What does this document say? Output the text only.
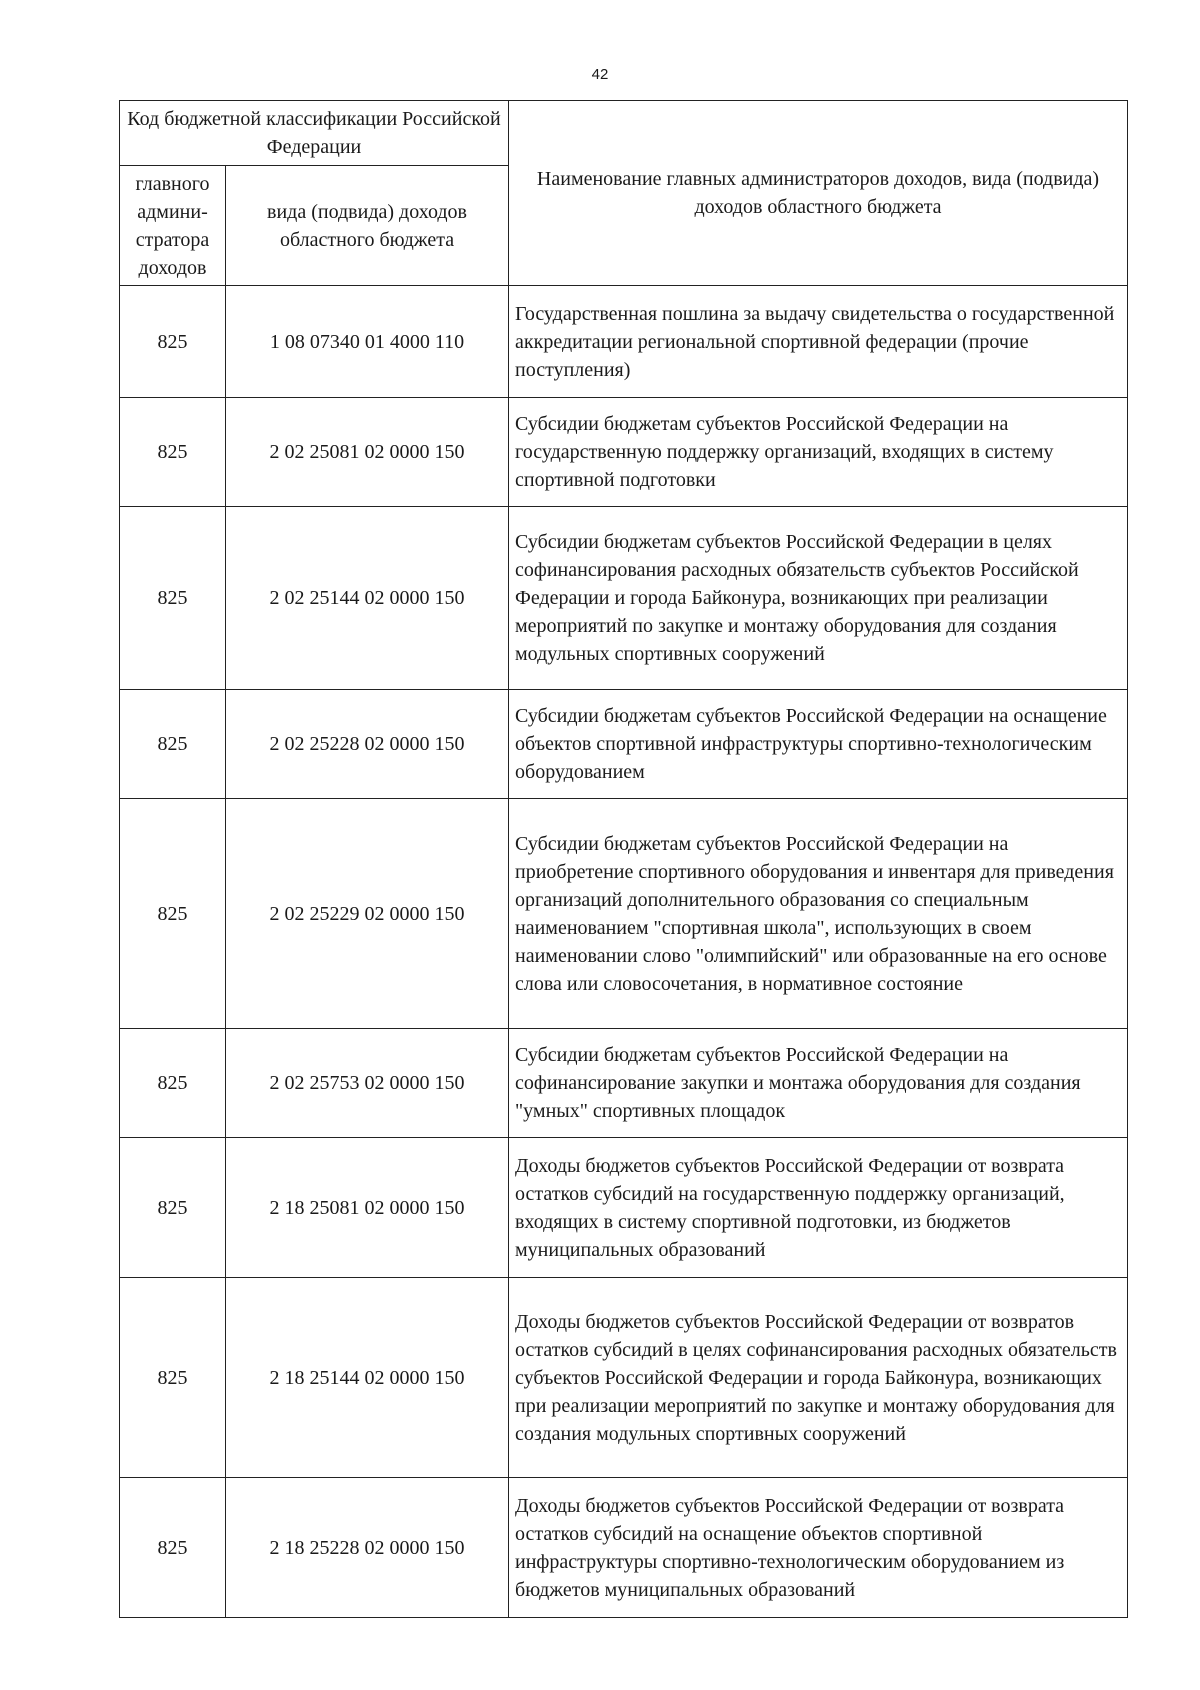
42
Код бюджетной классификации Российской Федерации		Наименование главных администраторов доходов, вида (подвида) доходов областного бюджета
главного админи-стратора доходов	вида (подвида) доходов областного бюджета	
825	1 08 07340 01 4000 110	Государственная пошлина за выдачу свидетельства о государственной аккредитации региональной спортивной федерации (прочие поступления)
825	2 02 25081 02 0000 150	Субсидии бюджетам субъектов Российской Федерации на государственную поддержку организаций, входящих в систему спортивной подготовки
825	2 02 25144 02 0000 150	Субсидии бюджетам субъектов Российской Федерации в целях софинансирования расходных обязательств субъектов Российской Федерации и города Байконура, возникающих при реализации мероприятий по закупке и монтажу оборудования для создания модульных спортивных сооружений
825	2 02 25228 02 0000 150	Субсидии бюджетам субъектов Российской Федерации на оснащение объектов спортивной инфраструктуры спортивно-технологическим оборудованием
825	2 02 25229 02 0000 150	Субсидии бюджетам субъектов Российской Федерации на приобретение спортивного оборудования и инвентаря для приведения организаций дополнительного образования со специальным наименованием "спортивная школа", использующих в своем наименовании слово "олимпийский" или образованные на его основе слова или словосочетания, в нормативное состояние
825	2 02 25753 02 0000 150	Субсидии бюджетам субъектов Российской Федерации на софинансирование закупки и монтажа оборудования для создания "умных" спортивных площадок
825	2 18 25081 02 0000 150	Доходы бюджетов субъектов Российской Федерации от возврата остатков субсидий на государственную поддержку организаций, входящих в систему спортивной подготовки, из бюджетов муниципальных образований
825	2 18 25144 02 0000 150	Доходы бюджетов субъектов Российской Федерации от возвратов остатков субсидий в целях софинансирования расходных обязательств субъектов Российской Федерации и города Байконура, возникающих при реализации мероприятий по закупке и монтажу оборудования для создания модульных спортивных сооружений
825	2 18 25228 02 0000 150	Доходы бюджетов субъектов Российской Федерации от возврата остатков субсидий на оснащение объектов спортивной инфраструктуры спортивно-технологическим оборудованием из бюджетов муниципальных образований
